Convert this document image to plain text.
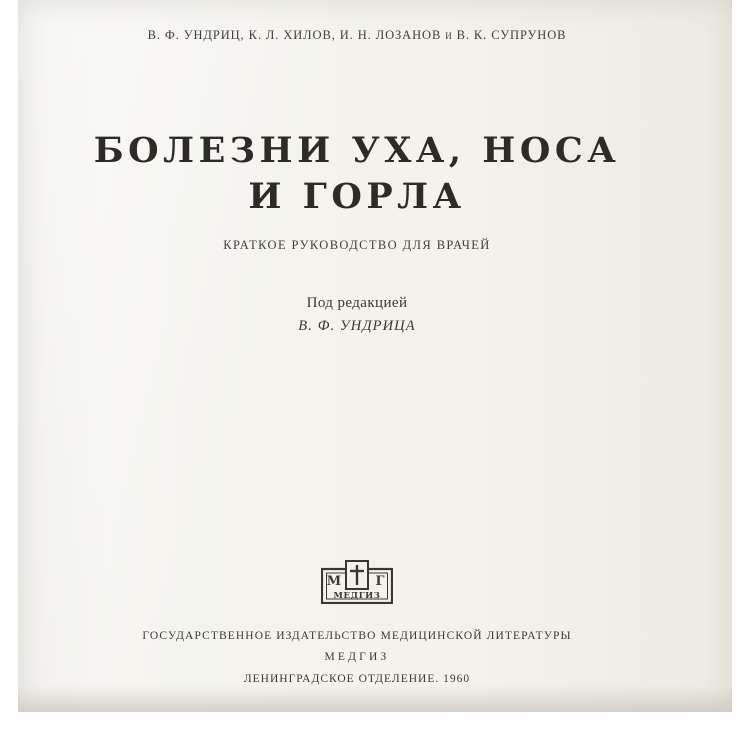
В. Ф. УНДРИЦ, К. Л. ХИЛОВ, И. Н. ЛОЗАНОВ и В. К. СУПРУНОВ
БОЛЕЗНИ УХА, НОСА
И ГОРЛА
КРАТКОЕ РУКОВОДСТВО ДЛЯ ВРАЧЕЙ
Под редакцией
В. Ф. УНДРИЦА
М	Г
МЕДГИЗ
ГОСУДАРСТВЕННОЕ ИЗДАТЕЛЬСТВО МЕДИЦИНСКОЙ ЛИТЕРАТУРЫ
МЕДГИЗ
ЛЕНИНГРАДСКОЕ ОТДЕЛЕНИЕ. 1960
